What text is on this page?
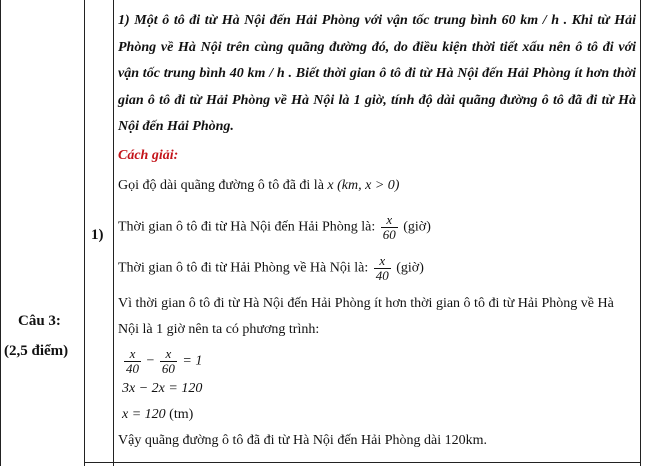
Câu 3:
(2,5 điểm)
1)
1) Một ô tô đi từ Hà Nội đến Hải Phòng với vận tốc trung bình 60 km / h . Khi từ Hải Phòng về Hà Nội trên cùng quãng đường đó, do điều kiện thời tiết xấu nên ô tô đi với vận tốc trung bình 40 km / h . Biết thời gian ô tô đi từ Hà Nội đến Hải Phòng ít hơn thời gian ô tô đi từ Hải Phòng về Hà Nội là 1 giờ, tính độ dài quãng đường ô tô đã đi từ Hà Nội đến Hải Phòng.
Cách giải:
Gọi độ dài quãng đường ô tô đã đi là x (km, x > 0)
Thời gian ô tô đi từ Hà Nội đến Hải Phòng là: $\frac{x}{60}$ (giờ)
Thời gian ô tô đi từ Hải Phòng về Hà Nội là: $\frac{x}{40}$ (giờ)
Vì thời gian ô tô đi từ Hà Nội đến Hải Phòng ít hơn thời gian ô tô đi từ Hải Phòng về Hà Nội là 1 giờ nên ta có phương trình:
$\frac{x}{40} - \frac{x}{60} = 1$
3x − 2x = 120
x = 120 (tm)
Vậy quãng đường ô tô đã đi từ Hà Nội đến Hải Phòng dài 120km.
